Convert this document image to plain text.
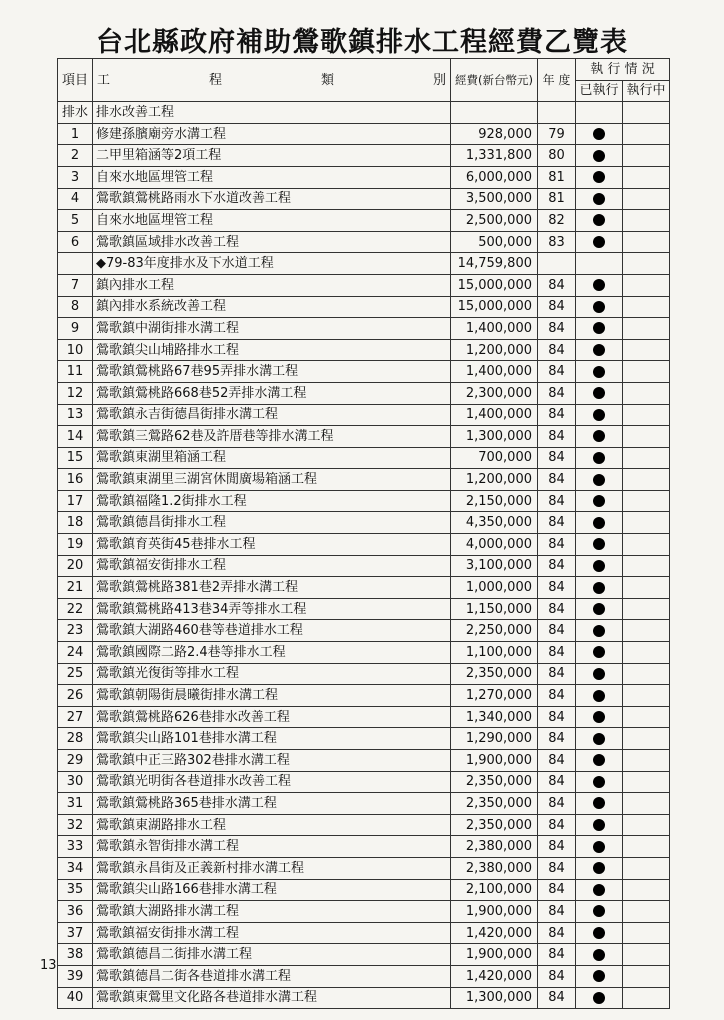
台北縣政府補助鶯歌鎮排水工程經費乙覽表
項目	工 程 類 別	經費(新台幣元)	年 度	執 行 情 況	
				已執行	執行中
排水	排水改善工程				
1	修建孫臏廟旁水溝工程	928,000	79		
2	二甲里箱涵等2項工程	1,331,800	80		
3	自來水地區埋管工程	6,000,000	81		
4	鶯歌鎮鶯桃路雨水下水道改善工程	3,500,000	81		
5	自來水地區埋管工程	2,500,000	82		
6	鶯歌鎮區域排水改善工程	500,000	83		
	◆79-83年度排水及下水道工程	14,759,800			
7	鎮內排水工程	15,000,000	84		
8	鎮內排水系統改善工程	15,000,000	84		
9	鶯歌鎮中湖街排水溝工程	1,400,000	84		
10	鶯歌鎮尖山埔路排水工程	1,200,000	84		
11	鶯歌鎮鶯桃路67巷95弄排水溝工程	1,400,000	84		
12	鶯歌鎮鶯桃路668巷52弄排水溝工程	2,300,000	84		
13	鶯歌鎮永吉街德昌街排水溝工程	1,400,000	84		
14	鶯歌鎮三鶯路62巷及許厝巷等排水溝工程	1,300,000	84		
15	鶯歌鎮東湖里箱涵工程	700,000	84		
16	鶯歌鎮東湖里三湖宮休閒廣場箱涵工程	1,200,000	84		
17	鶯歌鎮福隆1.2街排水工程	2,150,000	84		
18	鶯歌鎮德昌街排水工程	4,350,000	84		
19	鶯歌鎮育英街45巷排水工程	4,000,000	84		
20	鶯歌鎮福安街排水工程	3,100,000	84		
21	鶯歌鎮鶯桃路381巷2弄排水溝工程	1,000,000	84		
22	鶯歌鎮鶯桃路413巷34弄等排水工程	1,150,000	84		
23	鶯歌鎮大湖路460巷等巷道排水工程	2,250,000	84		
24	鶯歌鎮國際二路2.4巷等排水工程	1,100,000	84		
25	鶯歌鎮光復街等排水工程	2,350,000	84		
26	鶯歌鎮朝陽街晨曦街排水溝工程	1,270,000	84		
27	鶯歌鎮鶯桃路626巷排水改善工程	1,340,000	84		
28	鶯歌鎮尖山路101巷排水溝工程	1,290,000	84		
29	鶯歌鎮中正三路302巷排水溝工程	1,900,000	84		
30	鶯歌鎮光明街各巷道排水改善工程	2,350,000	84		
31	鶯歌鎮鶯桃路365巷排水溝工程	2,350,000	84		
32	鶯歌鎮東湖路排水工程	2,350,000	84		
33	鶯歌鎮永智街排水溝工程	2,380,000	84		
34	鶯歌鎮永昌街及正義新村排水溝工程	2,380,000	84		
35	鶯歌鎮尖山路166巷排水溝工程	2,100,000	84		
36	鶯歌鎮大湖路排水溝工程	1,900,000	84		
37	鶯歌鎮福安街排水溝工程	1,420,000	84		
38	鶯歌鎮德昌二街排水溝工程	1,900,000	84		
39	鶯歌鎮德昌二街各巷道排水溝工程	1,420,000	84		
40	鶯歌鎮東鶯里文化路各巷道排水溝工程	1,300,000	84		
13
